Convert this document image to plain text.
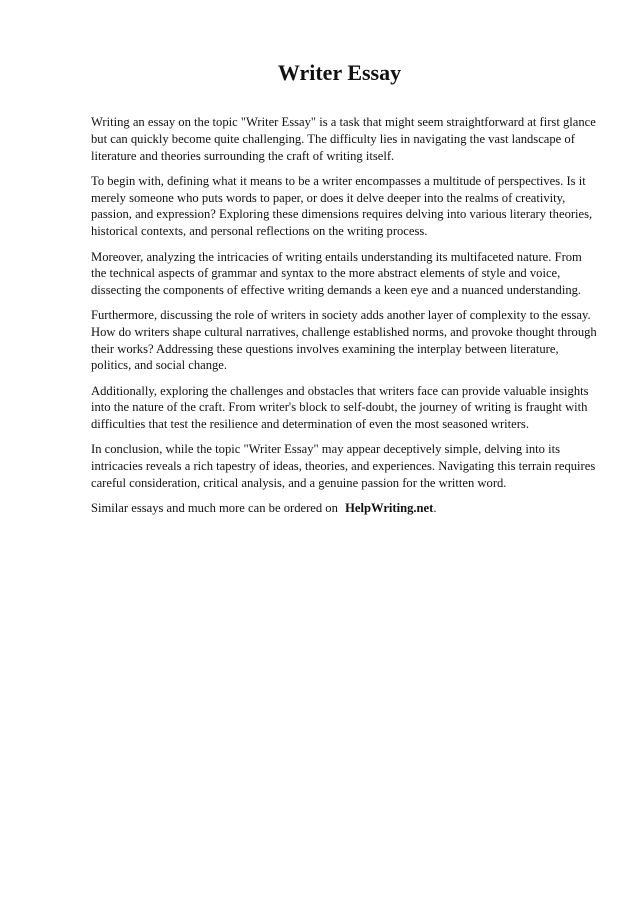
Writer Essay

Writing an essay on the topic "Writer Essay" is a task that might seem straightforward at first glance but can quickly become quite challenging. The difficulty lies in navigating the vast landscape of literature and theories surrounding the craft of writing itself.

To begin with, defining what it means to be a writer encompasses a multitude of perspectives. Is it merely someone who puts words to paper, or does it delve deeper into the realms of creativity, passion, and expression? Exploring these dimensions requires delving into various literary theories, historical contexts, and personal reflections on the writing process.

Moreover, analyzing the intricacies of writing entails understanding its multifaceted nature. From the technical aspects of grammar and syntax to the more abstract elements of style and voice, dissecting the components of effective writing demands a keen eye and a nuanced understanding.

Furthermore, discussing the role of writers in society adds another layer of complexity to the essay. How do writers shape cultural narratives, challenge established norms, and provoke thought through their works? Addressing these questions involves examining the interplay between literature, politics, and social change.

Additionally, exploring the challenges and obstacles that writers face can provide valuable insights into the nature of the craft. From writer's block to self-doubt, the journey of writing is fraught with difficulties that test the resilience and determination of even the most seasoned writers.

In conclusion, while the topic "Writer Essay" may appear deceptively simple, delving into its intricacies reveals a rich tapestry of ideas, theories, and experiences. Navigating this terrain requires careful consideration, critical analysis, and a genuine passion for the written word.

Similar essays and much more can be ordered on HelpWriting.net.
